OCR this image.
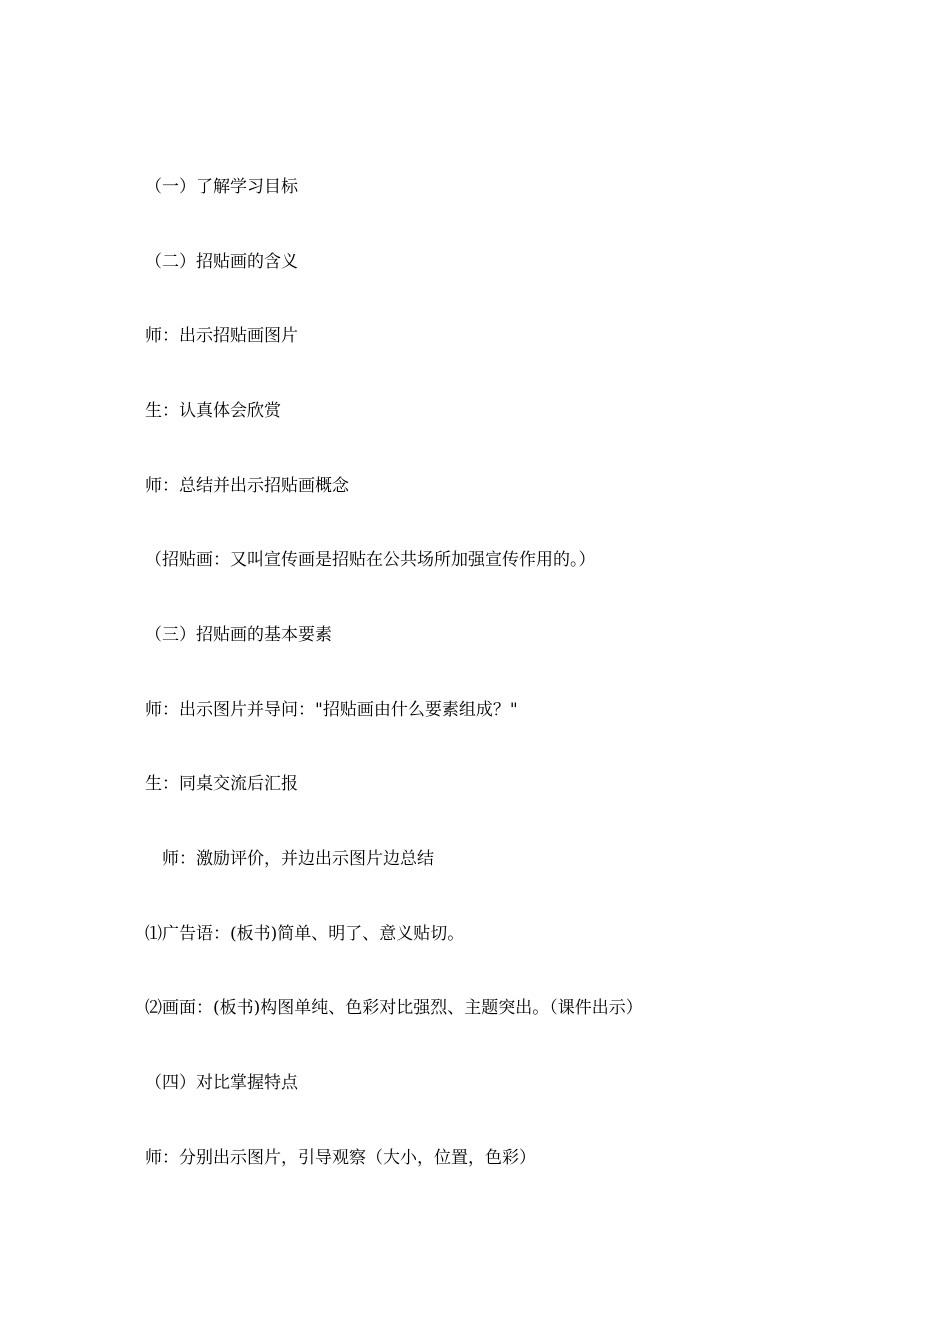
（一）了解学习目标
（二）招贴画的含义
师：出示招贴画图片
生：认真体会欣赏
师：总结并出示招贴画概念
（招贴画：又叫宣传画是招贴在公共场所加强宣传作用的。）
（三）招贴画的基本要素
师：出示图片并导问："招贴画由什么要素组成？"
生：同桌交流后汇报
　师：激励评价，并边出示图片边总结
⑴广告语：(板书)简单、明了、意义贴切。
⑵画面：(板书)构图单纯、色彩对比强烈、主题突出。（课件出示）
（四）对比掌握特点
师：分别出示图片，引导观察（大小，位置，色彩）
